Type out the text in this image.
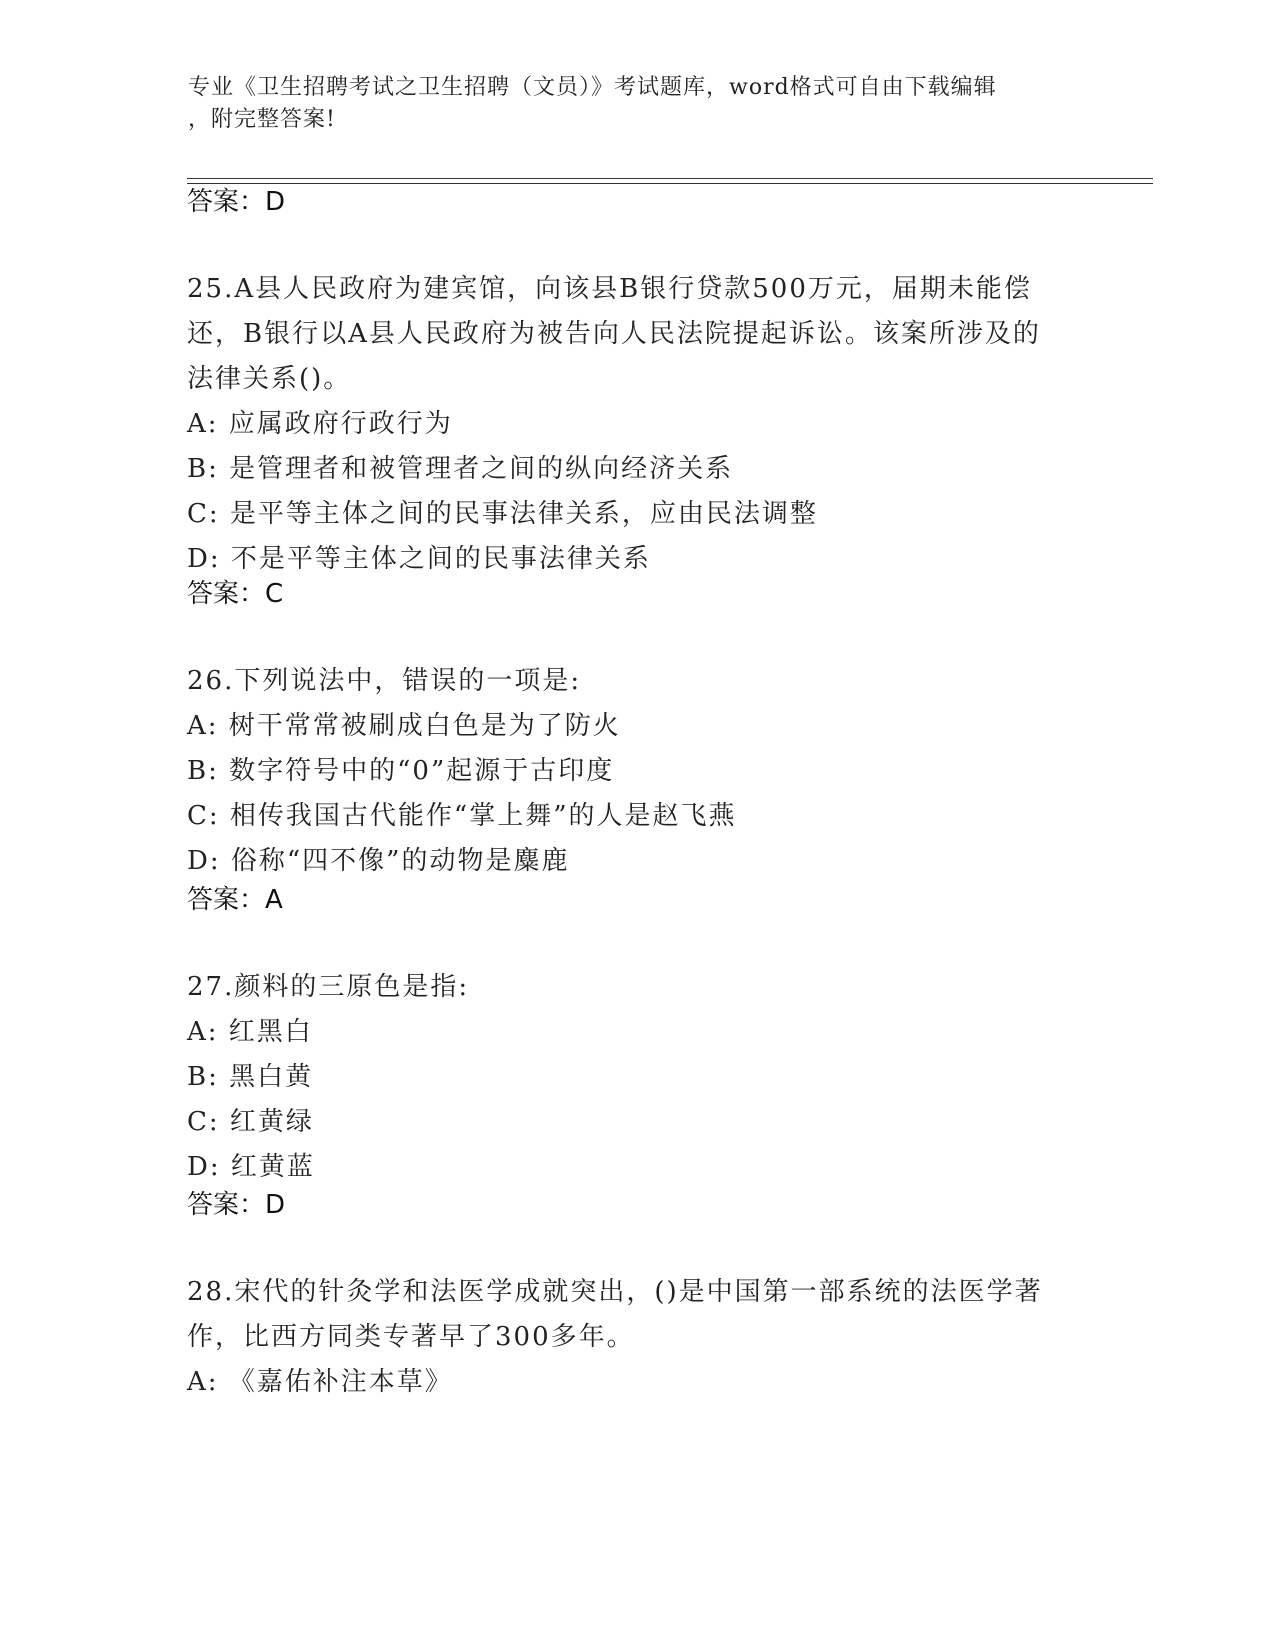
专业《卫生招聘考试之卫生招聘（文员）》考试题库，word格式可自由下载编辑
，附完整答案!
答案：D
25.A县人民政府为建宾馆，向该县B银行贷款500万元，届期未能偿
还，B银行以A县人民政府为被告向人民法院提起诉讼。该案所涉及的
法律关系()。
A: 应属政府行政行为
B: 是管理者和被管理者之间的纵向经济关系
C: 是平等主体之间的民事法律关系，应由民法调整
D: 不是平等主体之间的民事法律关系
答案：C
26.下列说法中，错误的一项是:
A: 树干常常被刷成白色是为了防火
B: 数字符号中的“0”起源于古印度
C: 相传我国古代能作“掌上舞”的人是赵飞燕
D: 俗称“四不像”的动物是麋鹿
答案：A
27.颜料的三原色是指:
A: 红黑白
B: 黑白黄
C: 红黄绿
D: 红黄蓝
答案：D
28.宋代的针灸学和法医学成就突出，()是中国第一部系统的法医学著
作，比西方同类专著早了300多年。
A: 《嘉佑补注本草》
